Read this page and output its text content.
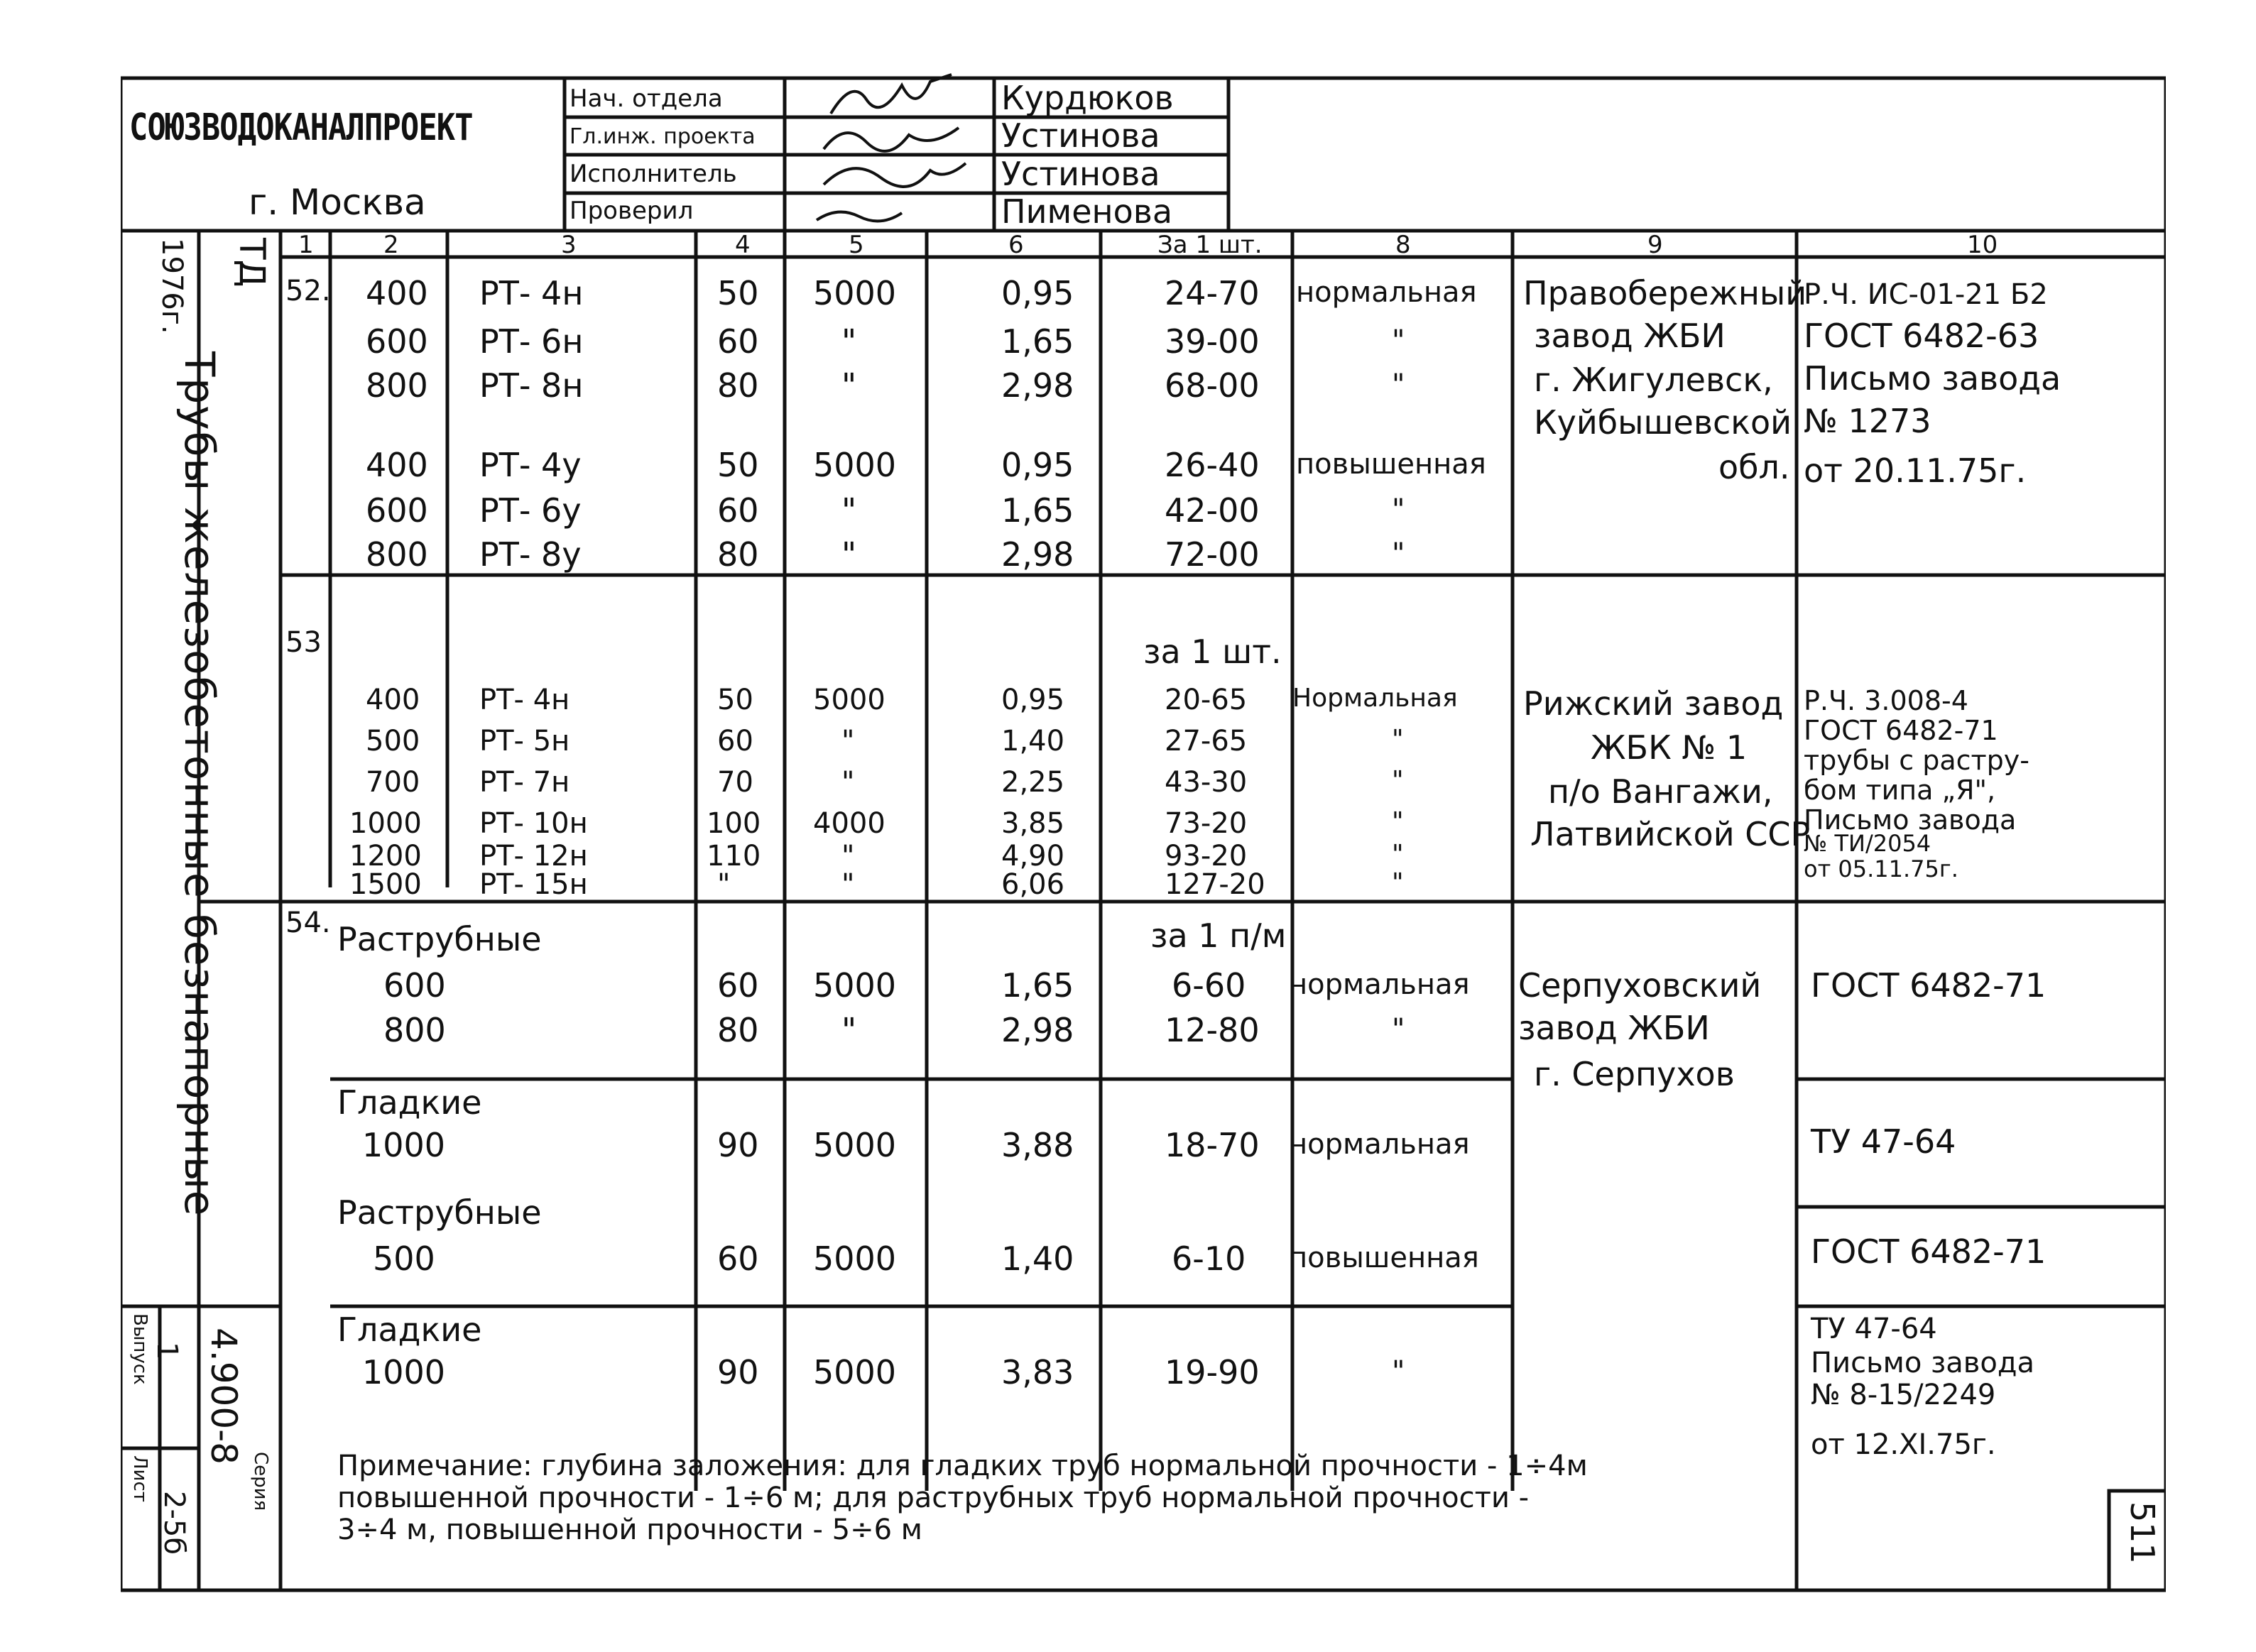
СОЮЗВОДОКАНАЛПРОЕКТ
г. Москва
Нач. отдела
Гл.инж. проекта
Исполнитель
Проверил
Курдюков
Устинова
Устинова
Пименова
1976г. ТД
Трубы железобетонные безнапорные
Серия
4.900-8
Выпуск 1
Лист
2-5б
1	2	3	4	5	6	За 1 шт.	8	9	10
52. 400 РТ- 4н	50 5000	0,95	24-70 нормальная
600 РТ- 6н	60	"	1,65	39-00	"
800 РТ- 8н	80	"	2,98	68-00	"
400 РТ- 4у	50 5000	0,95	26-40 повышенная
600 РТ- 6у	60	"	1,65	42-00	"
800 РТ- 8у	80	"	2,98	72-00	"
Правобережный
завод ЖБИ
г. Жигулевск,
Куйбышевской
обл.
Р.Ч. ИС-01-21 Б2
ГОСТ 6482-63
Письмо завода
№ 1273
от 20.11.75г.
53	за 1 шт.
400 РТ- 4н	50 5000	0,95	20-65 Нормальная
500 РТ- 5н	60	"	1,40	27-65	"
700 РТ- 7н	70	"	2,25	43-30	"
1000 РТ- 10н	100 4000	3,85	73-20	"
1200 РТ- 12н	110	"	4,90	93-20	"
1500 РТ- 15н	"	"	6,06	127-20	"
Рижский завод
ЖБК № 1
п/о Вангажи,
Латвийской ССР
Р.Ч. 3.008-4
ГОСТ 6482-71
трубы с растру-
бом типа „Я",
Письмо завода
№ ТИ/2054
от 05.11.75г.
54.	за 1 п/м
Раструбные
600	60 5000	1,65	6-60 нормальная
800	80	"	2,98	12-80	"
ГОСТ 6482-71
Гладкие
1000	90 5000	3,88	18-70 нормальная	ТУ 47-64
Раструбные
500	60 5000	1,40	6-10 повышенная	ГОСТ 6482-71
Гладкие
1000	90 5000	3,83	19-90	"
ТУ 47-64
Письмо завода
№ 8-15/2249
от 12.XI.75г.
Серпуховский
завод ЖБИ
г. Серпухов
Примечание: глубина заложения: для гладких труб нормальной прочности - 1÷4м
повышенной прочности - 1÷6 м; для раструбных труб нормальной прочности -
3÷4 м, повышенной прочности - 5÷6 м	511
